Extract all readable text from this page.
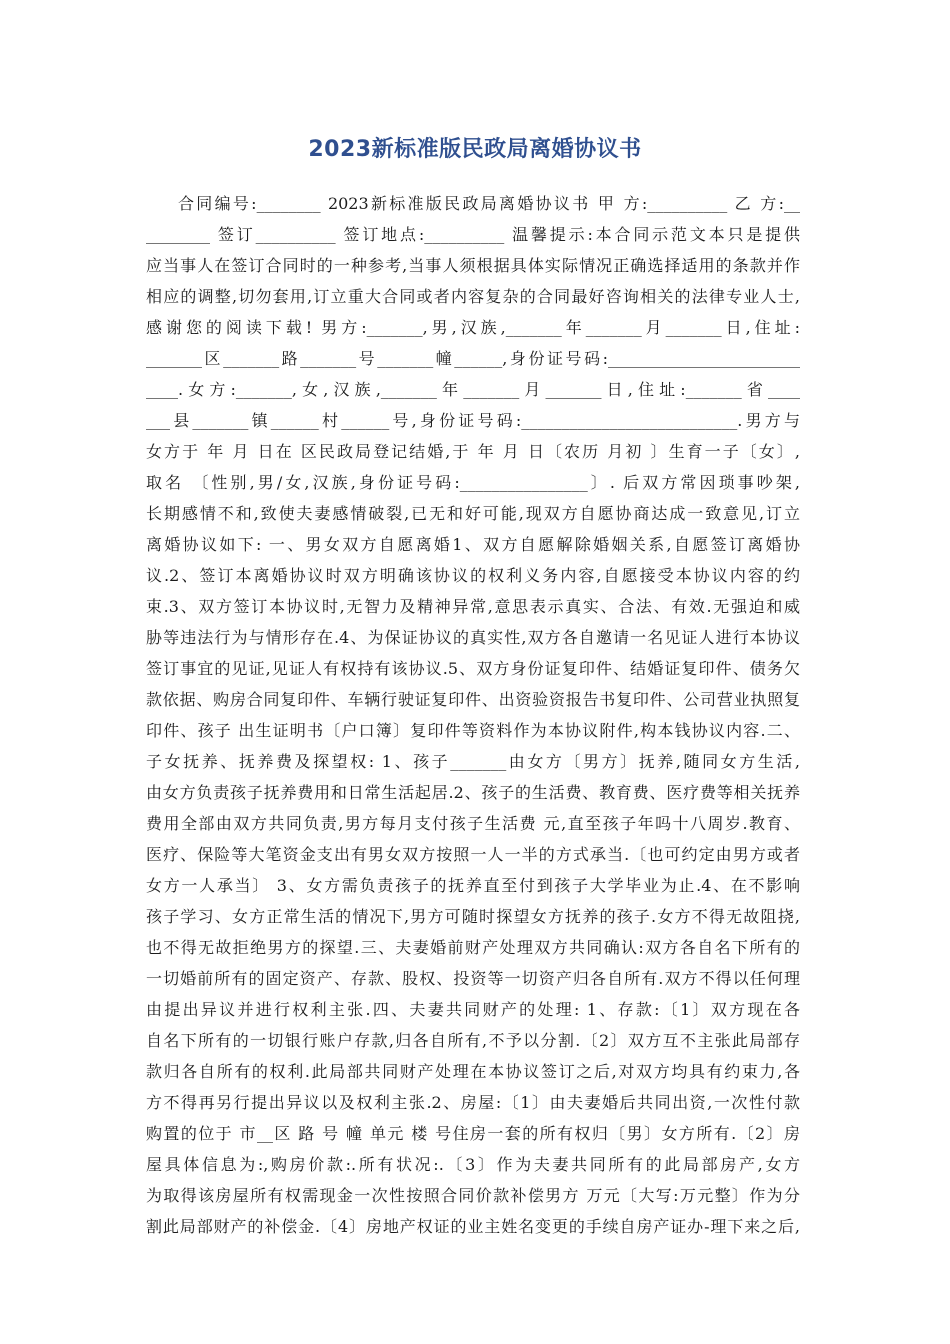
2023新标准版民政局离婚协议书
合同编号:________ 2023新标准版民政局离婚协议书 甲 方:__________ 乙 方:__
________ 签订__________ 签订地点:__________ 温馨提示:本合同示范文本只是提供
应当事人在签订合同时的一种参考,当事人须根据具体实际情况正确选择适用的条款并作
相应的调整,切勿套用,订立重大合同或者内容复杂的合同最好咨询相关的法律专业人士,
感谢您的阅读下载! 男方:_______,男,汉族,_______年_______月_______日,住址:
_______区_______路_______号_______幢______,身份证号码:________________________
____.女方:_______,女,汉族,_______年_______月_______日,住址:_______省____
___县_______镇______村______号,身份证号码:___________________________.男方与
女方于 年 月 日在 区民政局登记结婚,于 年 月 日〔农历 月初 〕生育一子〔女〕,
取名 〔性别,男/女,汉族,身份证号码:________________〕. 后双方常因琐事吵架,
长期感情不和,致使夫妻感情破裂,已无和好可能,现双方自愿协商达成一致意见,订立
离婚协议如下: 一、男女双方自愿离婚1、双方自愿解除婚姻关系,自愿签订离婚协
议.2、签订本离婚协议时双方明确该协议的权利义务内容,自愿接受本协议内容的约
束.3、双方签订本协议时,无智力及精神异常,意思表示真实、合法、有效.无强迫和威
胁等违法行为与情形存在.4、为保证协议的真实性,双方各自邀请一名见证人进行本协议
签订事宜的见证,见证人有权持有该协议.5、双方身份证复印件、结婚证复印件、债务欠
款依据、购房合同复印件、车辆行驶证复印件、出资验资报告书复印件、公司营业执照复
印件、孩子 出生证明书〔户口簿〕复印件等资料作为本协议附件,构本钱协议内容.二、
子女抚养、抚养费及探望权: 1、孩子_______由女方〔男方〕抚养,随同女方生活,
由女方负责孩子抚养费用和日常生活起居.2、孩子的生活费、教育费、医疗费等相关抚养
费用全部由双方共同负责,男方每月支付孩子生活费 元,直至孩子年吗十八周岁.教育、
医疗、保险等大笔资金支出有男女双方按照一人一半的方式承当.〔也可约定由男方或者
女方一人承当〕 3、女方需负责孩子的抚养直至付到孩子大学毕业为止.4、在不影响
孩子学习、女方正常生活的情况下,男方可随时探望女方抚养的孩子.女方不得无故阻挠,
也不得无故拒绝男方的探望.三、夫妻婚前财产处理双方共同确认:双方各自名下所有的
一切婚前所有的固定资产、存款、股权、投资等一切资产归各自所有.双方不得以任何理
由提出异议并进行权利主张.四、夫妻共同财产的处理: 1、存款:〔1〕双方现在各
自名下所有的一切银行账户存款,归各自所有,不予以分割.〔2〕双方互不主张此局部存
款归各自所有的权利.此局部共同财产处理在本协议签订之后,对双方均具有约束力,各
方不得再另行提出异议以及权利主张.2、房屋:〔1〕由夫妻婚后共同出资,一次性付款
购置的位于 市__区 路 号 幢 单元 楼 号住房一套的所有权归〔男〕女方所有.〔2〕房
屋具体信息为:,购房价款:.所有状况:.〔3〕作为夫妻共同所有的此局部房产,女方
为取得该房屋所有权需现金一次性按照合同价款补偿男方 万元〔大写:万元整〕作为分
割此局部财产的补偿金.〔4〕房地产权证的业主姓名变更的手续自房产证办-理下来之后,
